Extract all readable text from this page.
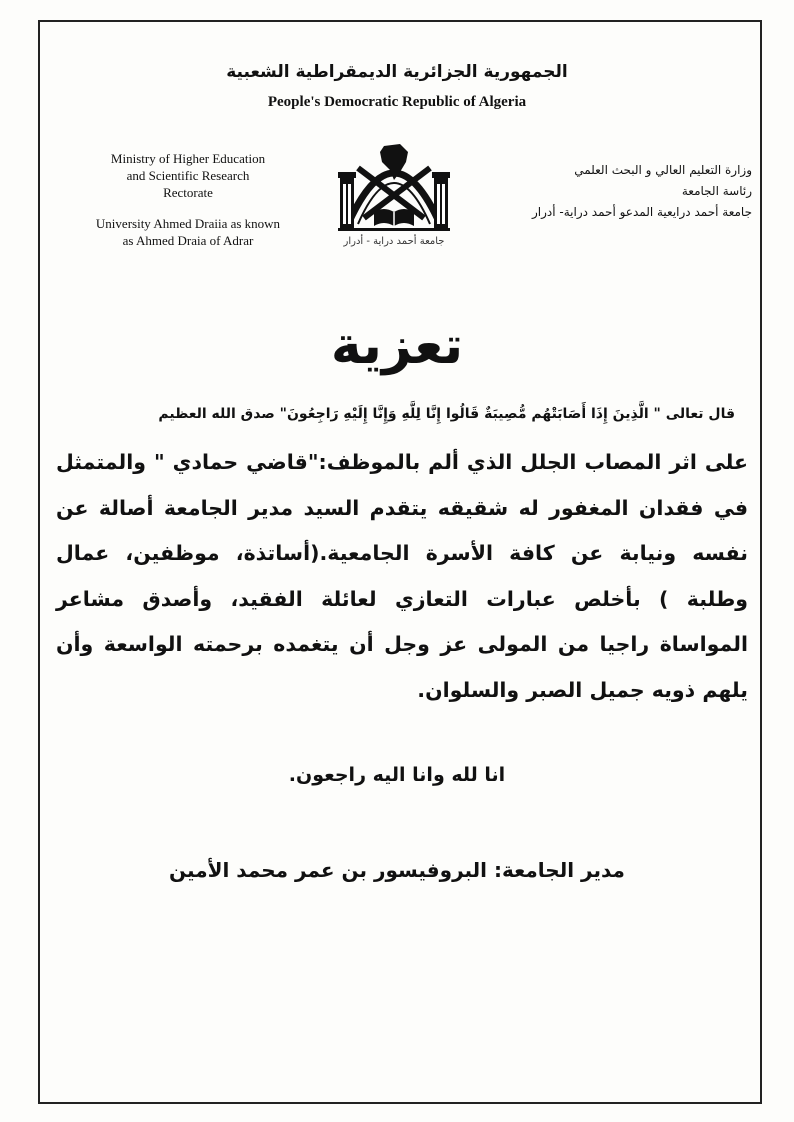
الجمهورية الجزائرية الديمقراطية الشعبية
People's Democratic Republic of Algeria
Ministry of Higher Education
and Scientific Research
Rectorate
University Ahmed Draiia as known
as Ahmed Draia of Adrar
وزارة التعليم العالي و البحث العلمي
رئاسة الجامعة
جامعة أحمد درايعية المدعو أحمد دراية- أدرار
جامعة أحمد دراية - أدرار
تعزية
قال تعالى " الَّذِينَ إِذَا أَصَابَتْهُم مُّصِيبَةٌ قَالُوا إِنَّا لِلَّهِ وَإِنَّا إِلَيْهِ رَاجِعُونَ" صدق الله العظيم
على اثر المصاب الجلل الذي ألم بالموظف:"قاضي حمادي " والمتمثل في فقدان المغفور له شقيقه يتقدم السيد مدير الجامعة أصالة عن نفسه ونيابة عن كافة الأسرة الجامعية.(أساتذة، موظفين، عمال وطلبة ) بأخلص عبارات التعازي لعائلة الفقيد، وأصدق مشاعر المواساة راجيا من المولى عز وجل أن يتغمده برحمته الواسعة وأن يلهم ذويه جميل الصبر والسلوان.
انا لله وانا اليه راجعون.
مدير الجامعة: البروفيسور بن عمر محمد الأمين
